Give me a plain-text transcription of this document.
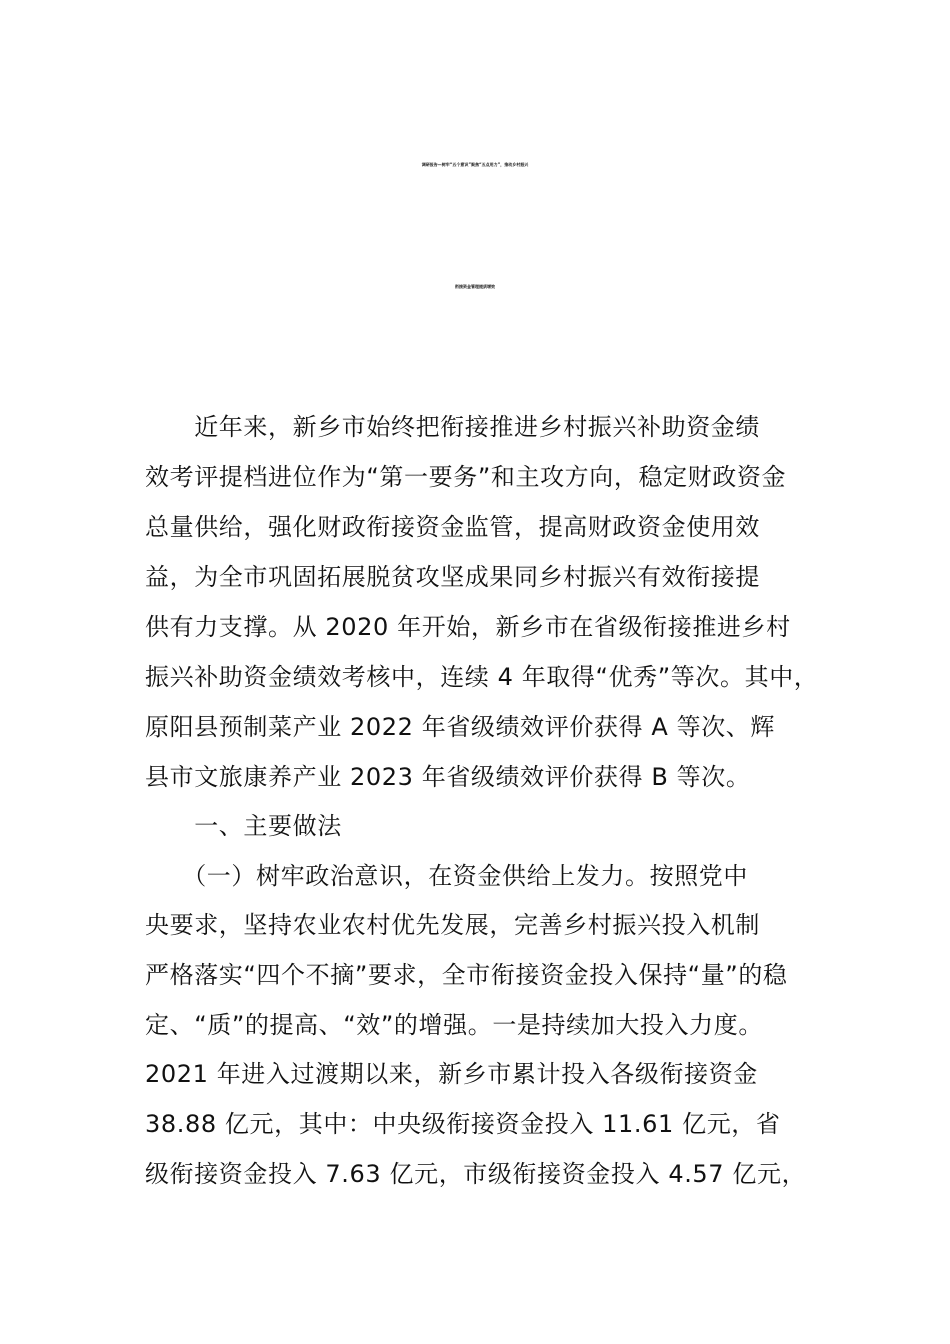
调研报告—树牢“五个意识”聚焦“五点用力”，推动乡村振兴
衔接资金管理提质增效
　　近年来，新乡市始终把衔接推进乡村振兴补助资金绩
效考评提档进位作为“第一要务”和主攻方向，稳定财政资金
总量供给，强化财政衔接资金监管，提高财政资金使用效
益，为全市巩固拓展脱贫攻坚成果同乡村振兴有效衔接提
供有力支撑。从 2020 年开始，新乡市在省级衔接推进乡村
振兴补助资金绩效考核中，连续 4 年取得“优秀”等次。其中，
原阳县预制菜产业 2022 年省级绩效评价获得 A 等次、辉
县市文旅康养产业 2023 年省级绩效评价获得 B 等次。
　　一、主要做法
　　（一）树牢政治意识，在资金供给上发力。按照党中
央要求，坚持农业农村优先发展，完善乡村振兴投入机制
严格落实“四个不摘”要求，全市衔接资金投入保持“量”的稳
定、“质”的提高、“效”的增强。一是持续加大投入力度。
2021 年进入过渡期以来，新乡市累计投入各级衔接资金
38.88 亿元，其中：中央级衔接资金投入 11.61 亿元，省
级衔接资金投入 7.63 亿元，市级衔接资金投入 4.57 亿元，
